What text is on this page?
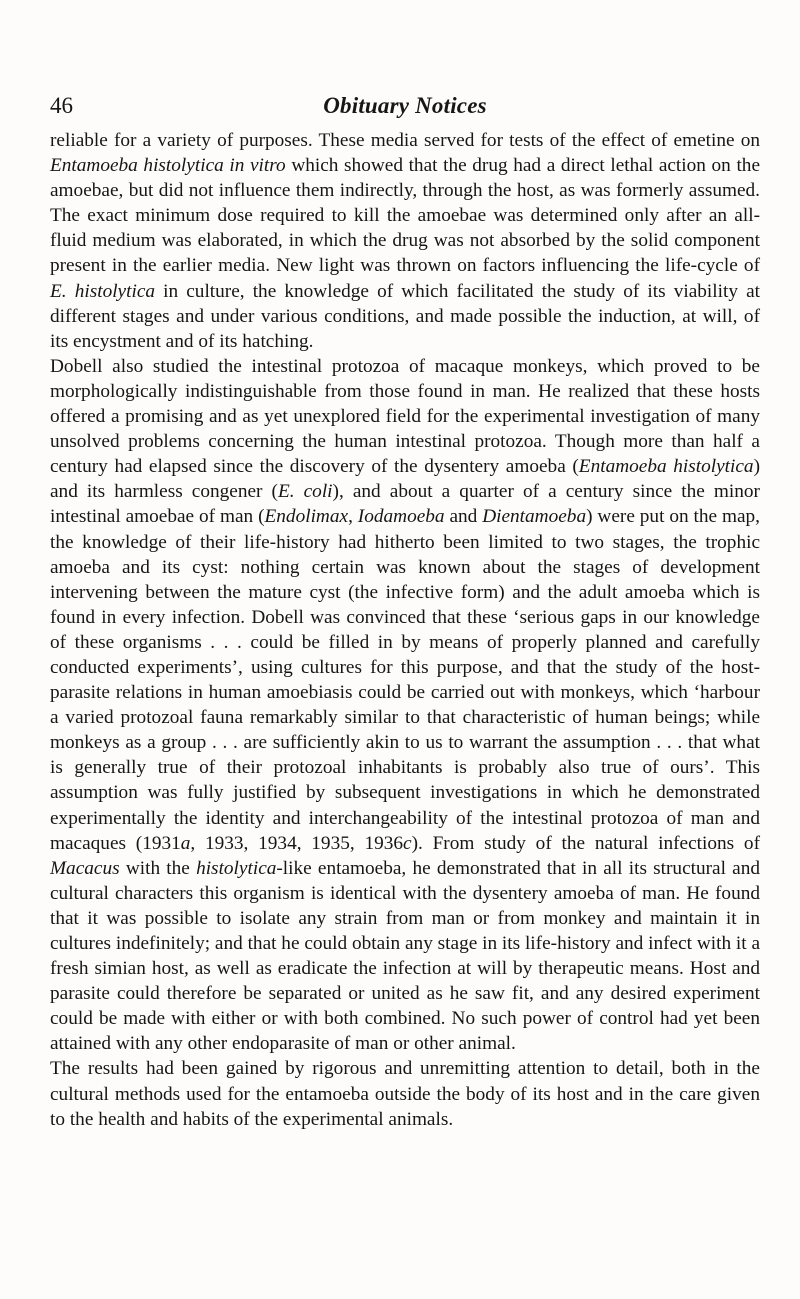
46	Obituary Notices

reliable for a variety of purposes. These media served for tests of the effect of emetine on Entamoeba histolytica in vitro which showed that the drug had a direct lethal action on the amoebae, but did not influence them indirectly, through the host, as was formerly assumed. The exact minimum dose required to kill the amoebae was determined only after an all-fluid medium was elaborated, in which the drug was not absorbed by the solid component present in the earlier media. New light was thrown on factors influencing the life-cycle of E. histolytica in culture, the knowledge of which facilitated the study of its viability at different stages and under various conditions, and made possible the induction, at will, of its encystment and of its hatching.

Dobell also studied the intestinal protozoa of macaque monkeys, which proved to be morphologically indistinguishable from those found in man. He realized that these hosts offered a promising and as yet unexplored field for the experimental investigation of many unsolved problems concerning the human intestinal protozoa. Though more than half a century had elapsed since the discovery of the dysentery amoeba (Entamoeba histolytica) and its harmless congener (E. coli), and about a quarter of a century since the minor intestinal amoebae of man (Endolimax, Iodamoeba and Dientamoeba) were put on the map, the knowledge of their life-history had hitherto been limited to two stages, the trophic amoeba and its cyst: nothing certain was known about the stages of development intervening between the mature cyst (the infective form) and the adult amoeba which is found in every infection. Dobell was convinced that these ‘serious gaps in our knowledge of these organisms . . . could be filled in by means of properly planned and carefully conducted experiments’, using cultures for this purpose, and that the study of the host-parasite relations in human amoebiasis could be carried out with monkeys, which ‘harbour a varied protozoal fauna remarkably similar to that characteristic of human beings; while monkeys as a group . . . are sufficiently akin to us to warrant the assumption . . . that what is generally true of their protozoal inhabitants is probably also true of ours’. This assumption was fully justified by subsequent investigations in which he demonstrated experimentally the identity and interchangeability of the intestinal protozoa of man and macaques (1931a, 1933, 1934, 1935, 1936c). From study of the natural infections of Macacus with the histolytica-like entamoeba, he demonstrated that in all its structural and cultural characters this organism is identical with the dysentery amoeba of man. He found that it was possible to isolate any strain from man or from monkey and maintain it in cultures indefinitely; and that he could obtain any stage in its life-history and infect with it a fresh simian host, as well as eradicate the infection at will by therapeutic means. Host and parasite could therefore be separated or united as he saw fit, and any desired experiment could be made with either or with both combined. No such power of control had yet been attained with any other endoparasite of man or other animal.

The results had been gained by rigorous and unremitting attention to detail, both in the cultural methods used for the entamoeba outside the body of its host and in the care given to the health and habits of the experimental animals.
